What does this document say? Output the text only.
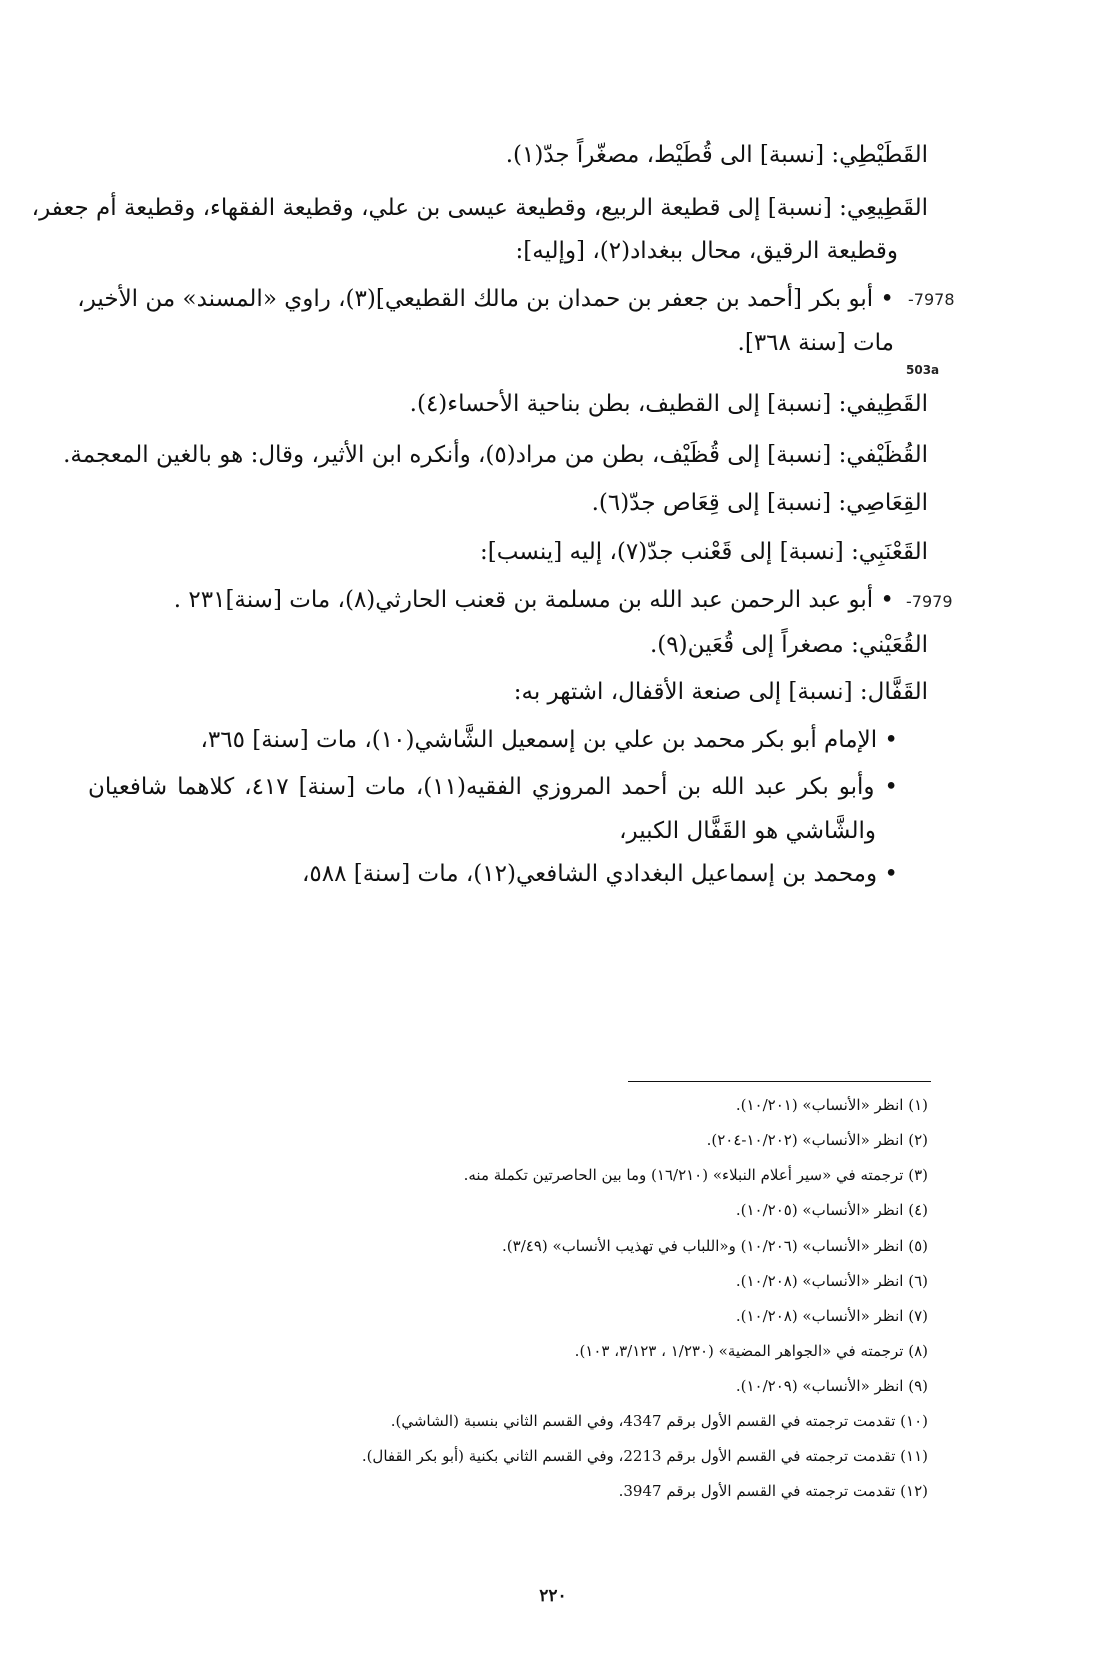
القَطَيْطِي: [نسبة] الى قُطَيْط، مصغّراً جدّ(١).
القَطِيعِي: [نسبة] إلى قطيعة الربيع، وقطيعة عيسى بن علي، وقطيعة الفقهاء، وقطيعة أم جعفر،
وقطيعة الرقيق، محال ببغداد(٢)، [وإليه]:
-7978
• أبو بكر [أحمد بن جعفر بن حمدان بن مالك القطيعي](٣)، راوي «المسند» من الأخير،
مات [سنة ٣٦٨].
503a
القَطِيفي: [نسبة] إلى القطيف، بطن بناحية الأحساء(٤).
القُظَيْفي: [نسبة] إلى قُظَيْف، بطن من مراد(٥)، وأنكره ابن الأثير، وقال: هو بالغين المعجمة.
القِعَاصِي: [نسبة] إلى قِعَاص جدّ(٦).
القَعْنَبِي: [نسبة] إلى قَعْنب جدّ(٧)، إليه [ينسب]:
-7979
• أبو عبد الرحمن عبد الله بن مسلمة بن قعنب الحارثي(٨)، مات [سنة]٢٣١ .
القُعَيْني: مصغراً إلى قُعَين(٩).
القَفَّال: [نسبة] إلى صنعة الأقفال، اشتهر به:
• الإمام أبو بكر محمد بن علي بن إسمعيل الشَّاشي(١٠)، مات [سنة] ٣٦٥،
• وأبو بكر عبد الله بن أحمد المروزي الفقيه(١١)، مات [سنة] ٤١٧، كلاهما شافعيان
والشَّاشي هو القَفَّال الكبير،
• ومحمد بن إسماعيل البغدادي الشافعي(١٢)، مات [سنة] ٥٨٨،
(١) انظر «الأنساب» (١٠/٢٠١).
(٢) انظر «الأنساب» (١٠/٢٠٢-٢٠٤).
(٣) ترجمته في «سير أعلام النبلاء» (١٦/٢١٠) وما بين الحاصرتين تكملة منه.
(٤) انظر «الأنساب» (١٠/٢٠٥).
(٥) انظر «الأنساب» (١٠/٢٠٦) و«اللباب في تهذيب الأنساب» (٣/٤٩).
(٦) انظر «الأنساب» (١٠/٢٠٨).
(٧) انظر «الأنساب» (١٠/٢٠٨).
(٨) ترجمته في «الجواهر المضية» (١/٢٣٠ ، ٣/١٢٣، ١٠٣).
(٩) انظر «الأنساب» (١٠/٢٠٩).
(١٠) تقدمت ترجمته في القسم الأول برقم 4347، وفي القسم الثاني بنسبة (الشاشي).
(١١) تقدمت ترجمته في القسم الأول برقم 2213، وفي القسم الثاني بكنية (أبو بكر القفال).
(١٢) تقدمت ترجمته في القسم الأول برقم 3947.
٢٢٠
